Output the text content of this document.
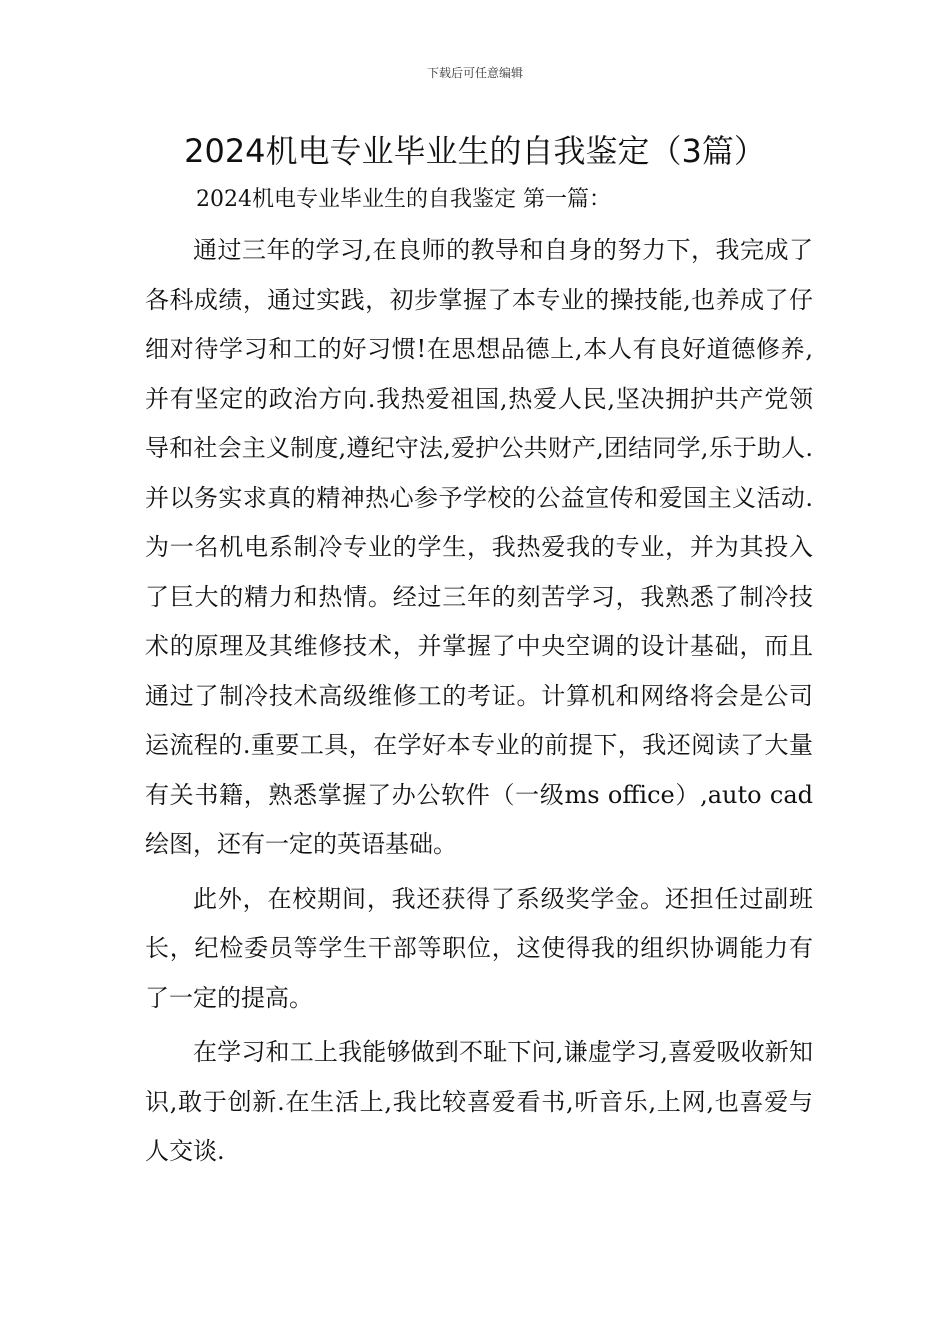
下载后可任意编辑
2024机电专业毕业生的自我鉴定（3篇）
2024机电专业毕业生的自我鉴定 第一篇：

通过三年的学习,在良师的教导和自身的努力下，我完成了各科成绩，通过实践，初步掌握了本专业的操技能,也养成了仔细对待学习和工的好习惯!在思想品德上,本人有良好道德修养,并有坚定的政治方向.我热爱祖国,热爱人民,坚决拥护共产党领导和社会主义制度,遵纪守法,爱护公共财产,团结同学,乐于助人.并以务实求真的精神热心参予学校的公益宣传和爱国主义活动.为一名机电系制冷专业的学生，我热爱我的专业，并为其投入了巨大的精力和热情。经过三年的刻苦学习，我熟悉了制冷技术的原理及其维修技术，并掌握了中央空调的设计基础，而且通过了制冷技术高级维修工的考证。计算机和网络将会是公司运流程的.重要工具，在学好本专业的前提下，我还阅读了大量有关书籍，熟悉掌握了办公软件（一级ms office）,auto cad绘图，还有一定的英语基础。

此外，在校期间，我还获得了系级奖学金。还担任过副班长，纪检委员等学生干部等职位，这使得我的组织协调能力有了一定的提高。

在学习和工上我能够做到不耻下问,谦虚学习,喜爱吸收新知识,敢于创新.在生活上,我比较喜爱看书,听音乐,上网,也喜爱与人交谈.
